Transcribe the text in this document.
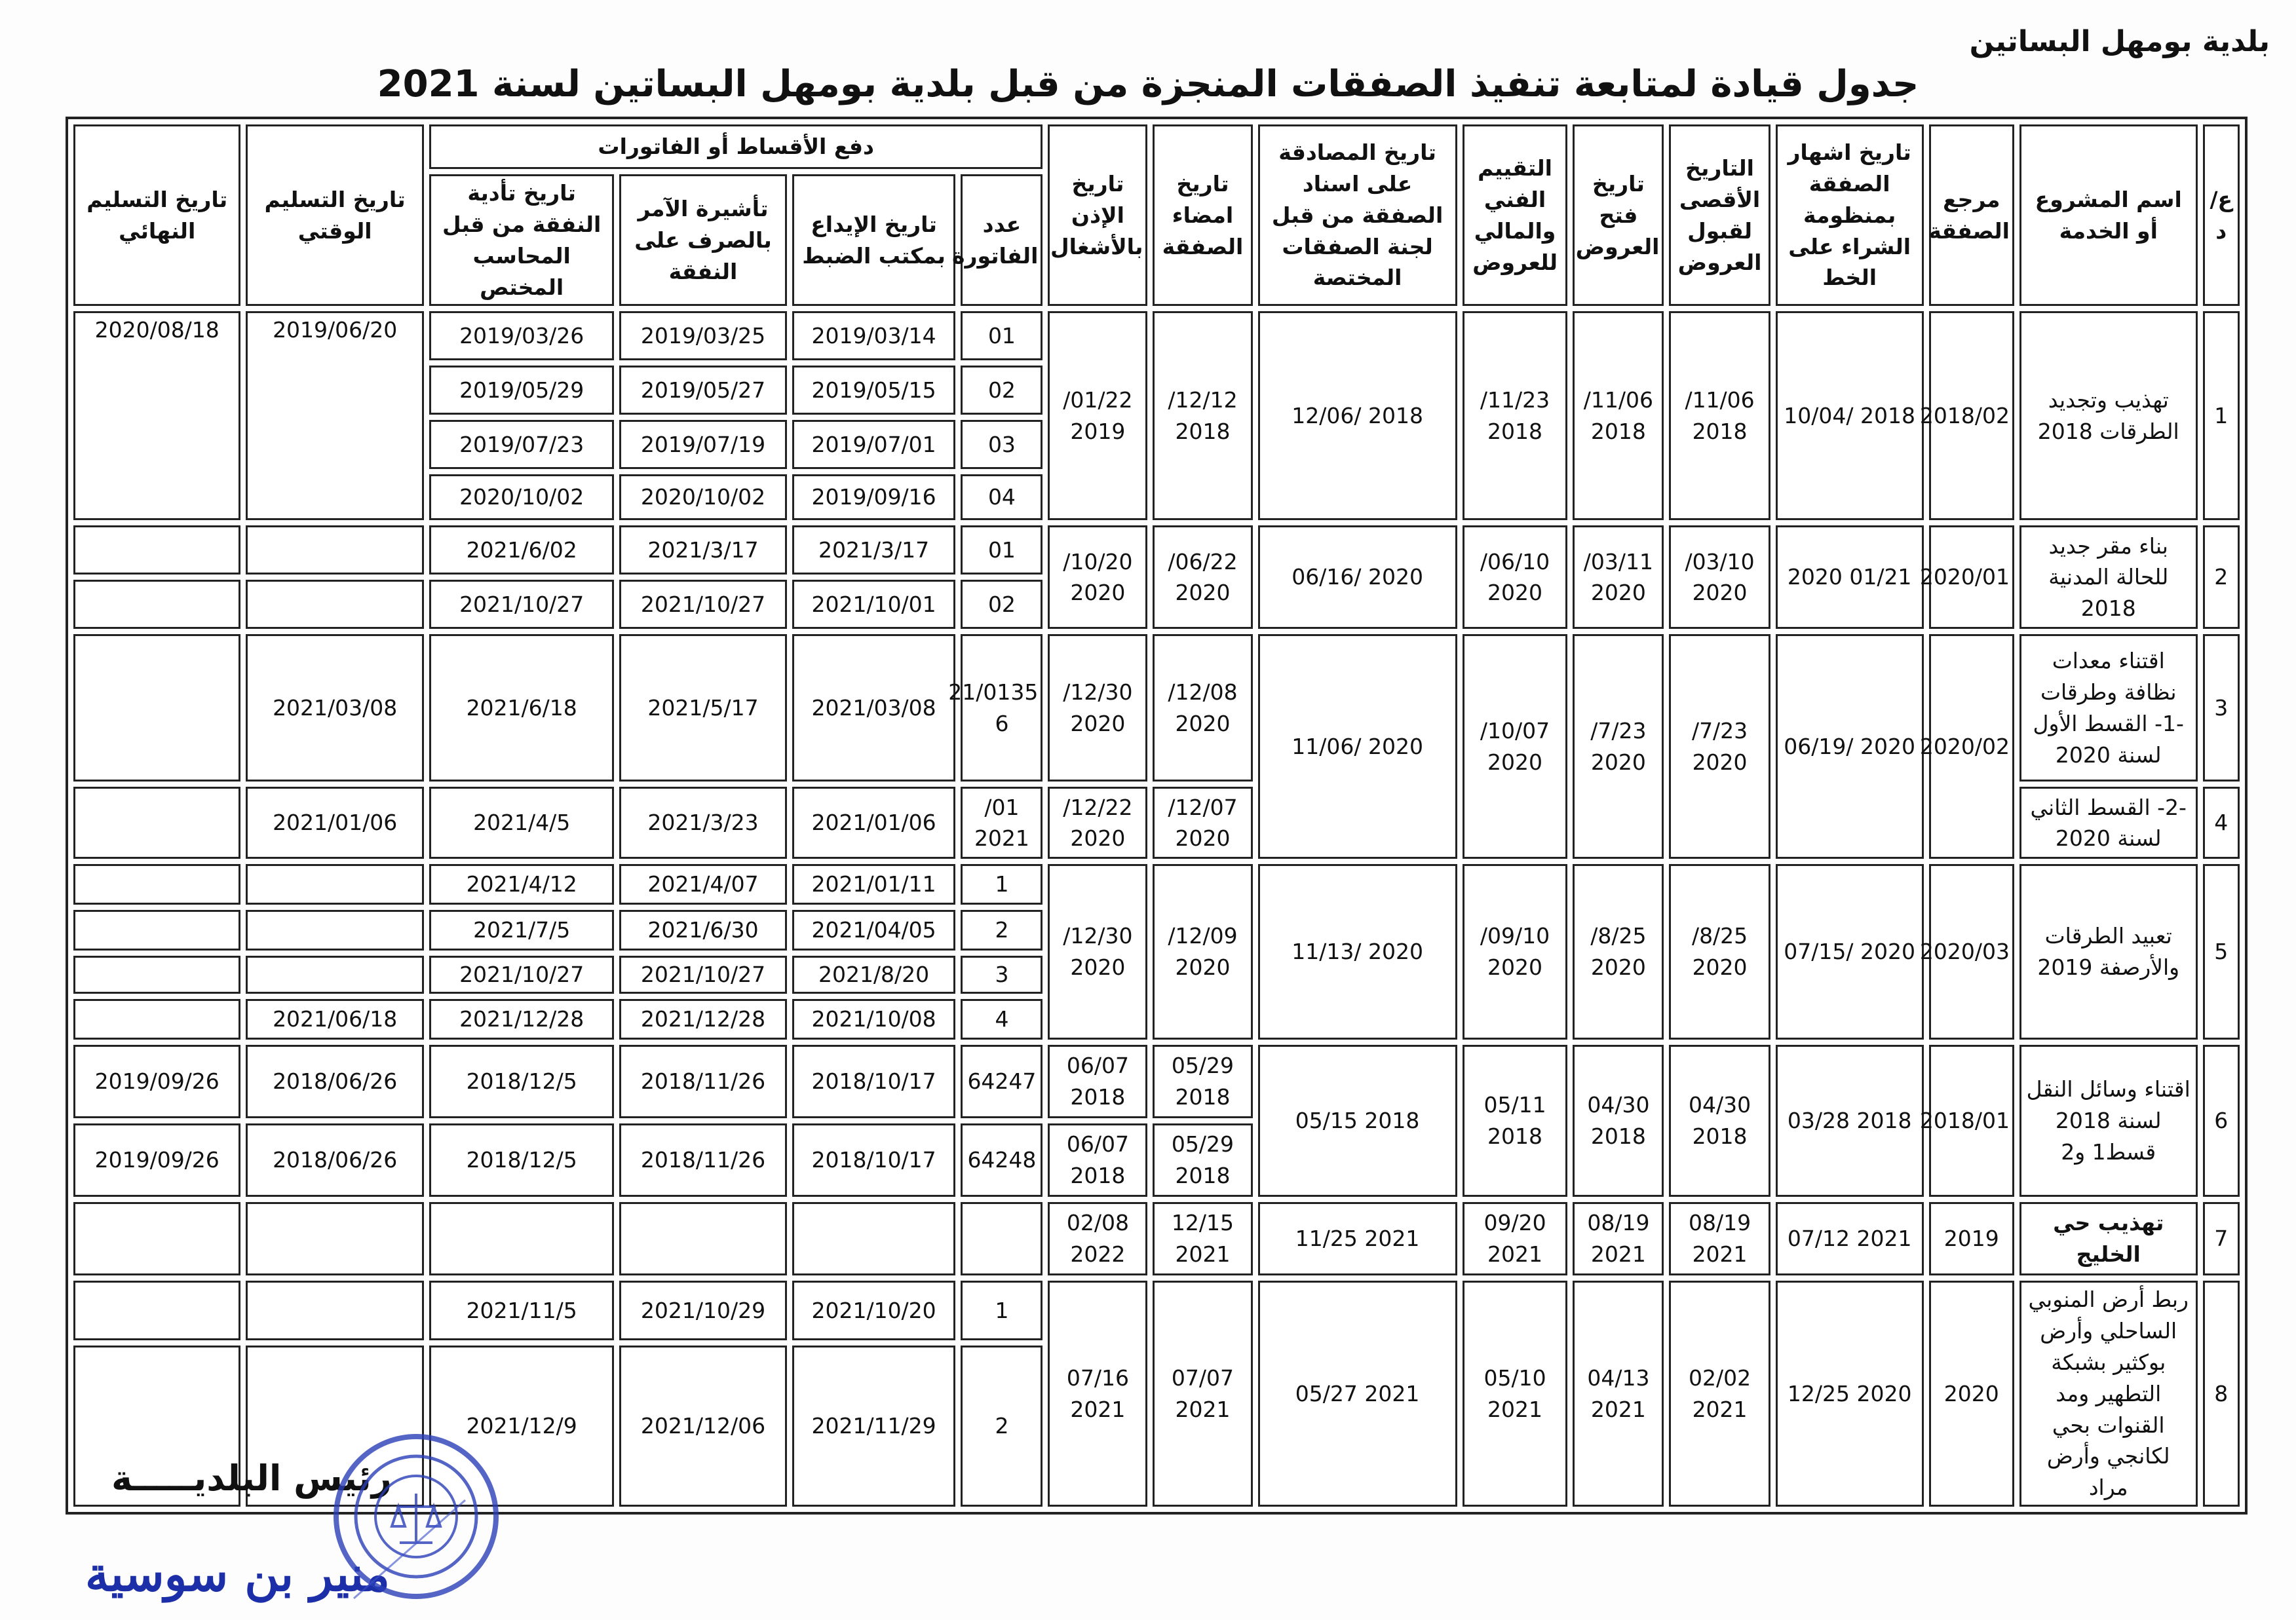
بلدية بومهل البساتين
جدول قيادة لمتابعة تنفيذ الصفقات المنجزة من قبل بلدية بومهل البساتين لسنة 2021
ع/د	اسم المشروع أو الخدمة	مرجع الصفقة	تاريخ اشهار الصفقة بمنظومة الشراء على الخط	التاريخ الأقصى لقبول العروض	تاريخ فتح العروض	التقييم الفني والمالي للعروض	تاريخ المصادقة على اسناد الصفقة من قبل لجنة الصفقات المختصة	تاريخ امضاء الصفقة	تاريخ الإذن بالأشغال	دفع الأقساط أو الفاتورات				تاريخ التسليم الوقتي	تاريخ التسليم النهائي
										عدد الفاتورة	تاريخ الإيداع بمكتب الضبط	تأشيرة الآمر بالصرف على النفقة	تاريخ تأدية النفقة من قبل المحاسب المختص		
1	تهذيب وتجديد الطرقات 2018	2018/02	2018 /10/04	11/06/ 2018	11/06/ 2018	11/23/ 2018	2018 /12/06	12/12/ 2018	01/22/ 2019	01	2019/03/14	2019/03/25	2019/03/26	2019/06/20	2020/08/18
										02	2019/05/15	2019/05/27	2019/05/29		
										03	2019/07/01	2019/07/19	2019/07/23		
										04	2019/09/16	2020/10/02	2020/10/02		
2	بناء مقر جديد للحالة المدنية 2018	2020/01	01/21 2020	03/10/ 2020	03/11/ 2020	06/10/ 2020	2020 /06/16	06/22/ 2020	10/20/ 2020	01	2021/3/17	2021/3/17	2021/6/02		
										02	2021/10/01	2021/10/27	2021/10/27		
3	اقتناء معدات نظافة وطرقات -1- القسط الأول لسنة 2020	2020/02	2020 /06/19	7/23/ 2020	7/23/ 2020	10/07/ 2020	2020 /11/06	12/08/ 2020	12/30/ 2020	21/0135 6	2021/03/08	2021/5/17	2021/6/18	2021/03/08	
4	-2- القسط الثاني لسنة 2020							12/07/ 2020	12/22/ 2020	01/ 2021	2021/01/06	2021/3/23	2021/4/5	2021/01/06	
5	تعبيد الطرقات والأرصفة 2019	2020/03	2020 /07/15	8/25/ 2020	8/25/ 2020	09/10/ 2020	2020 /11/13	12/09/ 2020	12/30/ 2020	1	2021/01/11	2021/4/07	2021/4/12		
										2	2021/04/05	2021/6/30	2021/7/5		
										3	2021/8/20	2021/10/27	2021/10/27		
										4	2021/10/08	2021/12/28	2021/12/28	2021/06/18	
6	اقتناء وسائل النقل لسنة 2018 قسط1 و2	2018/01	2018 03/28	04/30 2018	04/30 2018	05/11 2018	2018 05/15	05/29 2018	06/07 2018	64247	2018/10/17	2018/11/26	2018/12/5	2018/06/26	2019/09/26
								05/29 2018	06/07 2018	64248	2018/10/17	2018/11/26	2018/12/5	2018/06/26	2019/09/26
7	تهذيب حي الخليج	2019	2021 07/12	08/19 2021	08/19 2021	09/20 2021	2021 11/25	12/15 2021	02/08 2022						
8	ربط أرض المنوبي الساحلي وأرض بوكثير بشبكة التطهير ومد القنوات بحي لكانجي وأرض مراد	2020	2020 12/25	02/02 2021	04/13 2021	05/10 2021	2021 05/27	07/07 2021	07/16 2021	1	2021/10/20	2021/10/29	2021/11/5		
										2	2021/11/29	2021/12/06	2021/12/9		
رئيس البلديـــــة
منير بن سوسية
